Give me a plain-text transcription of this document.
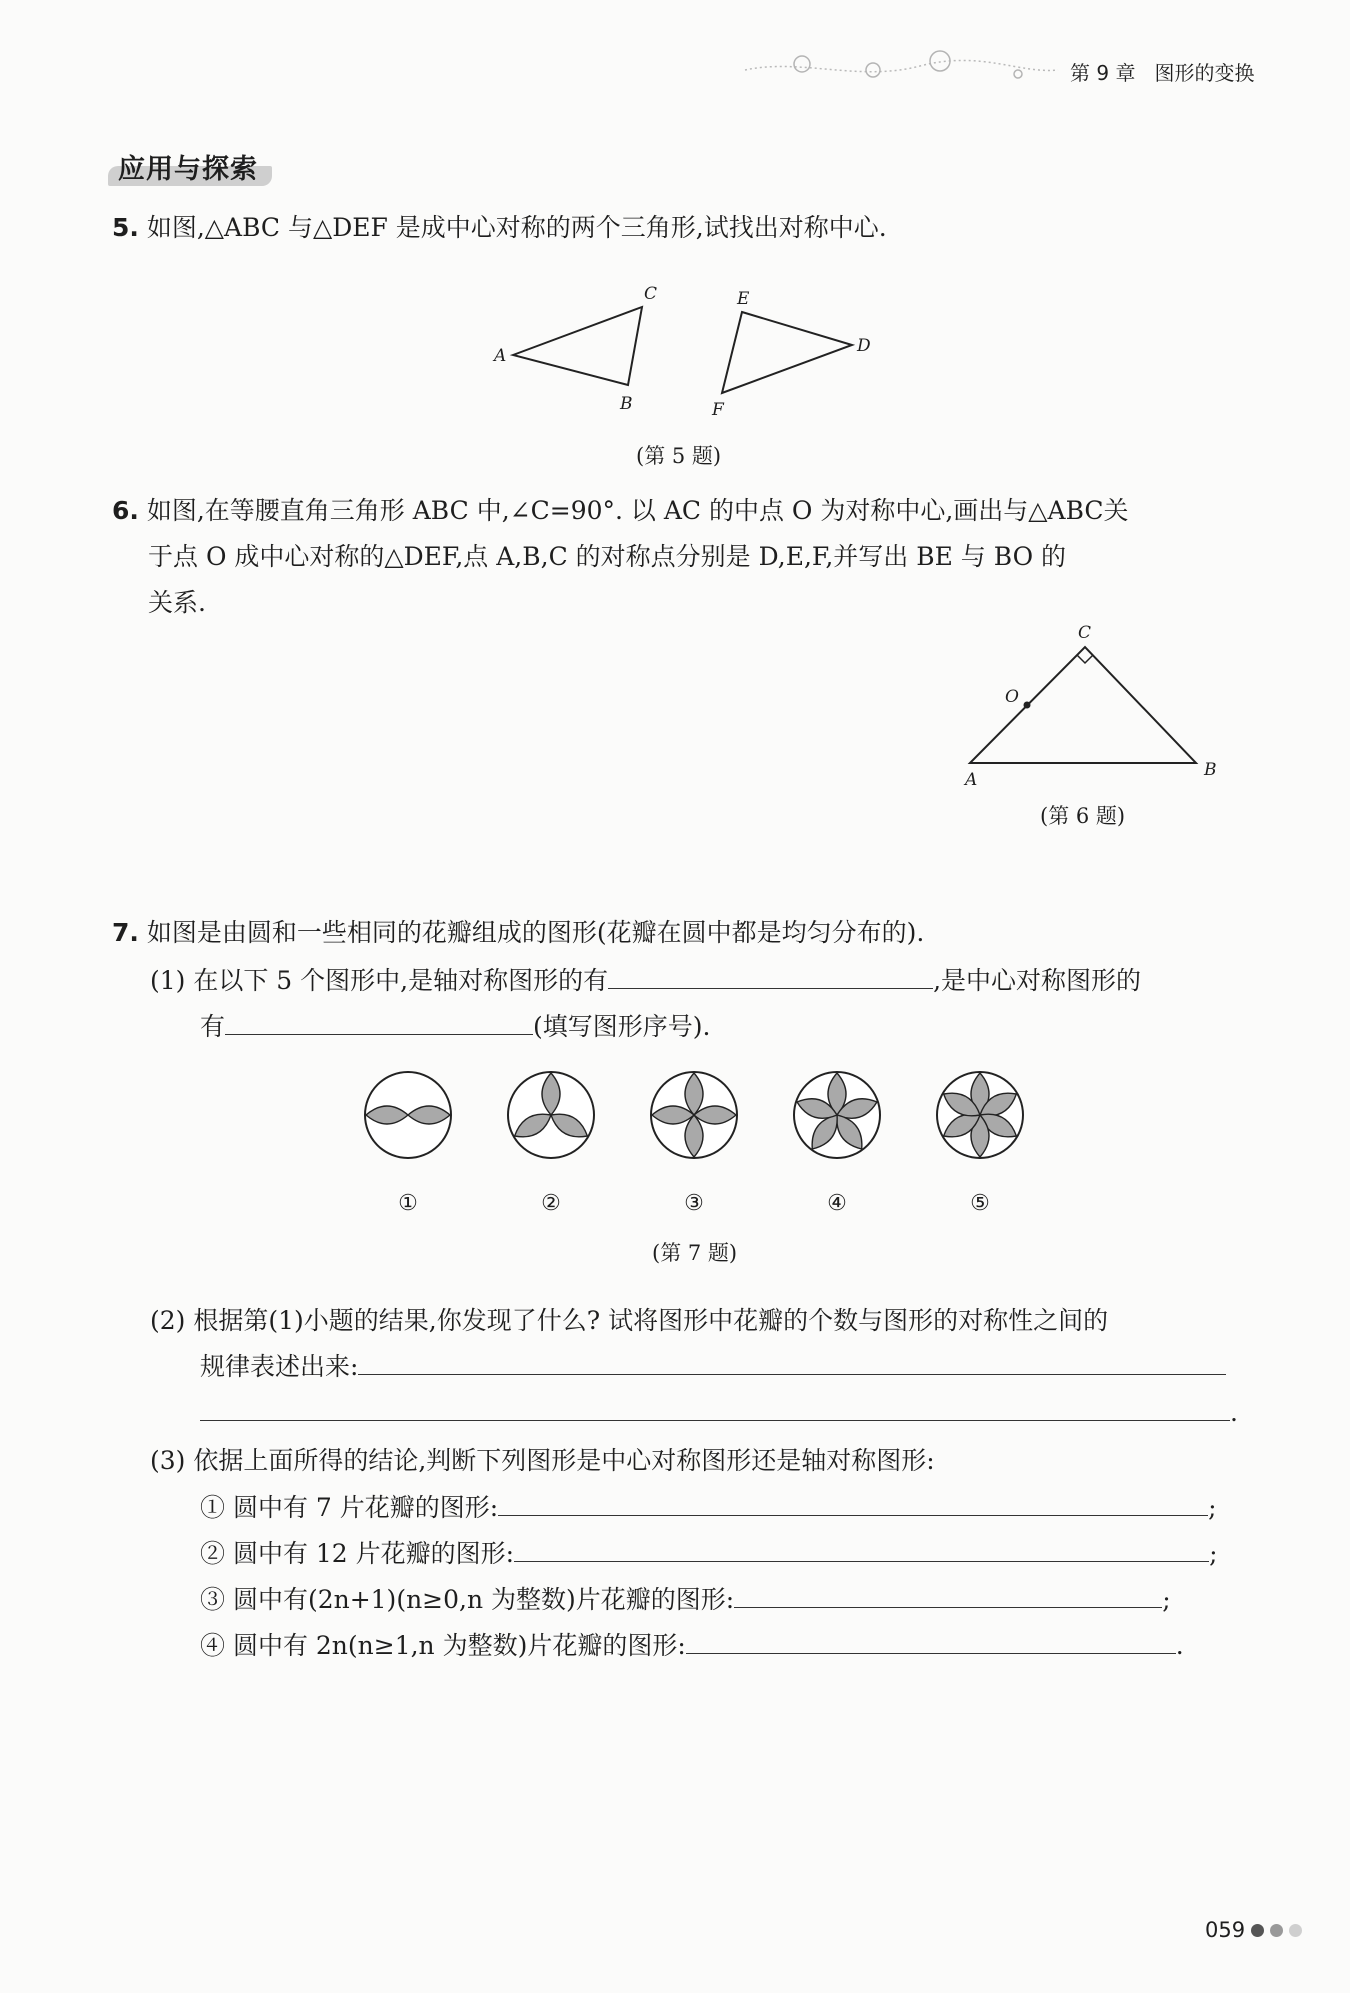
第 9 章 图形的变换
应用与探索
5. 如图,△ABC 与△DEF 是成中心对称的两个三角形,试找出对称中心.
A
C
B
E
D
F
(第 5 题)
6. 如图,在等腰直角三角形 ABC 中,∠C=90°. 以 AC 的中点 O 为对称中心,画出与△ABC关
于点 O 成中心对称的△DEF,点 A,B,C 的对称点分别是 D,E,F,并写出 BE 与 BO 的
关系.
A
C
B
O
(第 6 题)
7. 如图是由圆和一些相同的花瓣组成的图形(花瓣在圆中都是均匀分布的).
(1) 在以下 5 个图形中,是轴对称图形的有	,是中心对称图形的
有	(填写图形序号).
①	②	③	④	⑤
(第 7 题)
(2) 根据第(1)小题的结果,你发现了什么? 试将图形中花瓣的个数与图形的对称性之间的
规律表述出来:
.
(3) 依据上面所得的结论,判断下列图形是中心对称图形还是轴对称图形:
① 圆中有 7 片花瓣的图形:	;
② 圆中有 12 片花瓣的图形:	;
③ 圆中有(2n+1)(n≥0,n 为整数)片花瓣的图形:	;
④ 圆中有 2n(n≥1,n 为整数)片花瓣的图形:	.
059
